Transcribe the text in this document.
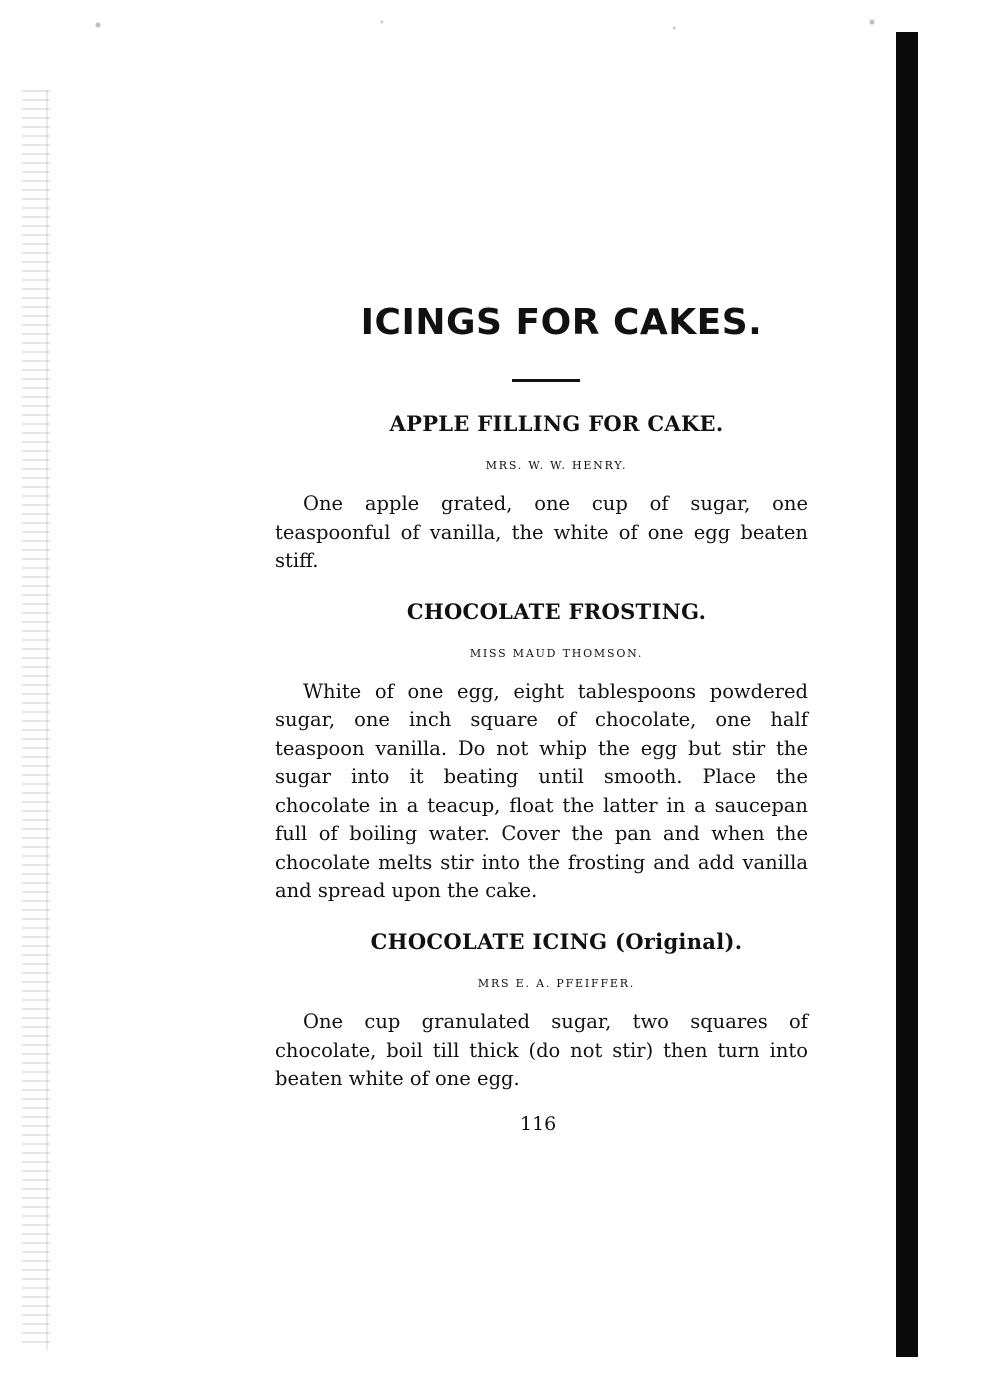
ICINGS FOR CAKES.
APPLE FILLING FOR CAKE.
MRS. W. W. HENRY.

One apple grated, one cup of sugar, one teaspoonful of vanilla, the white of one egg beaten stiff.

CHOCOLATE FROSTING.
MISS MAUD THOMSON.

White of one egg, eight tablespoons powdered sugar, one inch square of chocolate, one half teaspoon vanilla. Do not whip the egg but stir the sugar into it beating until smooth. Place the chocolate in a teacup, float the latter in a saucepan full of boiling water. Cover the pan and when the chocolate melts stir into the frosting and add vanilla and spread upon the cake.

CHOCOLATE ICING (Original).
MRS E. A. PFEIFFER.

One cup granulated sugar, two squares of chocolate, boil till thick (do not stir) then turn into beaten white of one egg.

116
